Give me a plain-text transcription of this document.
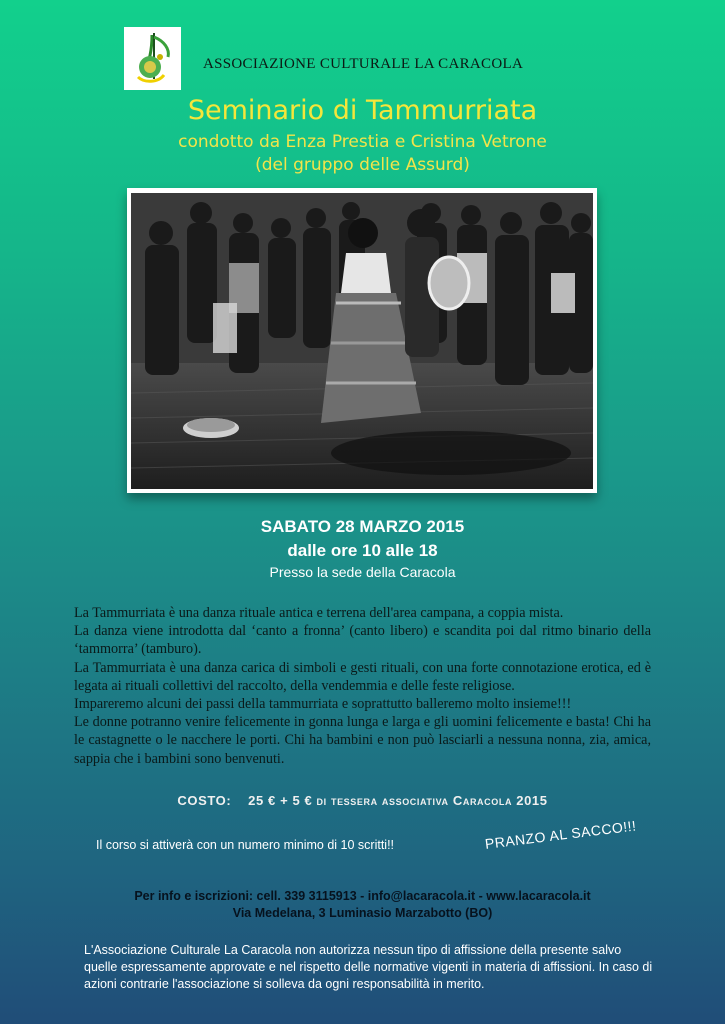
ASSOCIAZIONE CULTURALE LA CARACOLA
Seminario di Tammurriata
condotto da Enza Prestia e Cristina Vetrone
(del gruppo delle Assurd)
SABATO 28 MARZO 2015
dalle ore 10 alle 18
Presso la sede della Caracola

La Tammurriata è una danza rituale antica e terrena dell'area campana, a coppia mista.

La danza viene introdotta dal ‘canto a fronna’ (canto libero) e scandita poi dal ritmo binario della ‘tammorra’ (tamburo).

La Tammurriata è una danza carica di simboli e gesti rituali, con una forte connotazione erotica, ed è legata ai rituali collettivi del raccolto, della vendemmia e delle feste religiose.

Impareremo alcuni dei passi della tammurriata e soprattutto balleremo molto insieme!!!

Le donne potranno venire felicemente in gonna lunga e larga e gli uomini felicemente e basta! Chi ha le castagnette o le nacchere le porti. Chi ha bambini e non può lasciarli a nessuna nonna, zia, amica, sappia che i bambini sono benvenuti.

COSTO:    25 € + 5 € di tessera associativa Caracola 2015
Il corso si attiverà con un numero minimo di 10 scritti!!	PRANZO AL SACCO!!!
Per info e iscrizioni: cell. 339 3115913 - info@lacaracola.it - www.lacaracola.it
Via Medelana, 3 Luminasio Marzabotto (BO)
L'Associazione Culturale La Caracola non autorizza nessun tipo di affissione della presente salvo quelle espressamente approvate e nel rispetto delle normative vigenti in materia di affissioni. In caso di azioni contrarie l'associazione si solleva da ogni responsabilità in merito.
